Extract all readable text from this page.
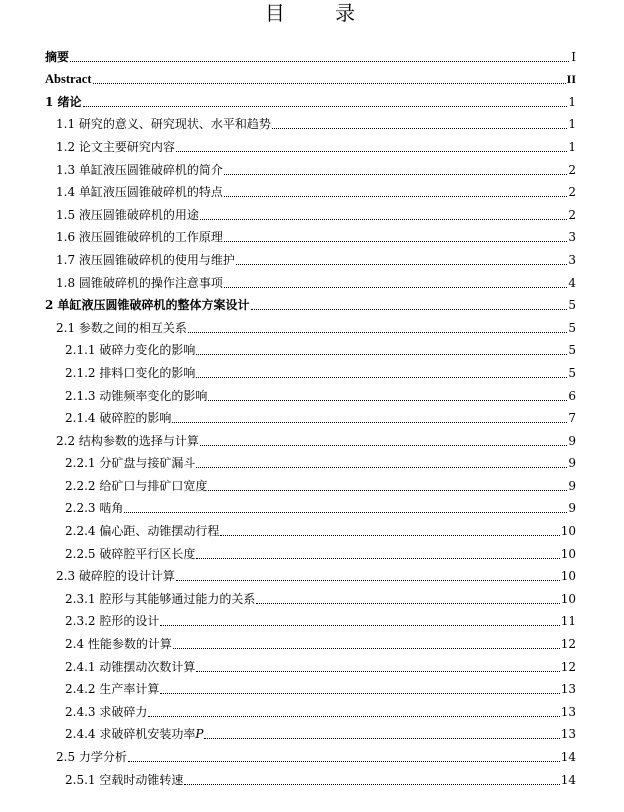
目 录
摘要	I
Abstract	II
1 绪论	1
1.1 研究的意义、研究现状、水平和趋势	1
1.2 论文主要研究内容	1
1.3 单缸液压圆锥破碎机的简介	2
1.4 单缸液压圆锥破碎机的特点	2
1.5 液压圆锥破碎机的用途	2
1.6 液压圆锥破碎机的工作原理	3
1.7 液压圆锥破碎机的使用与维护	3
1.8 圆锥破碎机的操作注意事项	4
2 单缸液压圆锥破碎机的整体方案设计	5
2.1 参数之间的相互关系	5
2.1.1 破碎力变化的影响	5
2.1.2 排料口变化的影响	5
2.1.3 动锥频率变化的影响	6
2.1.4 破碎腔的影响	7
2.2 结构参数的选择与计算	9
2.2.1 分矿盘与接矿漏斗	9
2.2.2 给矿口与排矿口宽度	9
2.2.3 啮角	9
2.2.4 偏心距、动锥摆动行程	10
2.2.5 破碎腔平行区长度	10
2.3 破碎腔的设计计算	10
2.3.1 腔形与其能够通过能力的关系	10
2.3.2 腔形的设计	11
2.4 性能参数的计算	12
2.4.1 动锥摆动次数计算	12
2.4.2 生产率计算	13
2.4.3 求破碎力	13
2.4.4 求破碎机安装功率P	13
2.5 力学分析	14
2.5.1 空载时动锥转速	14
